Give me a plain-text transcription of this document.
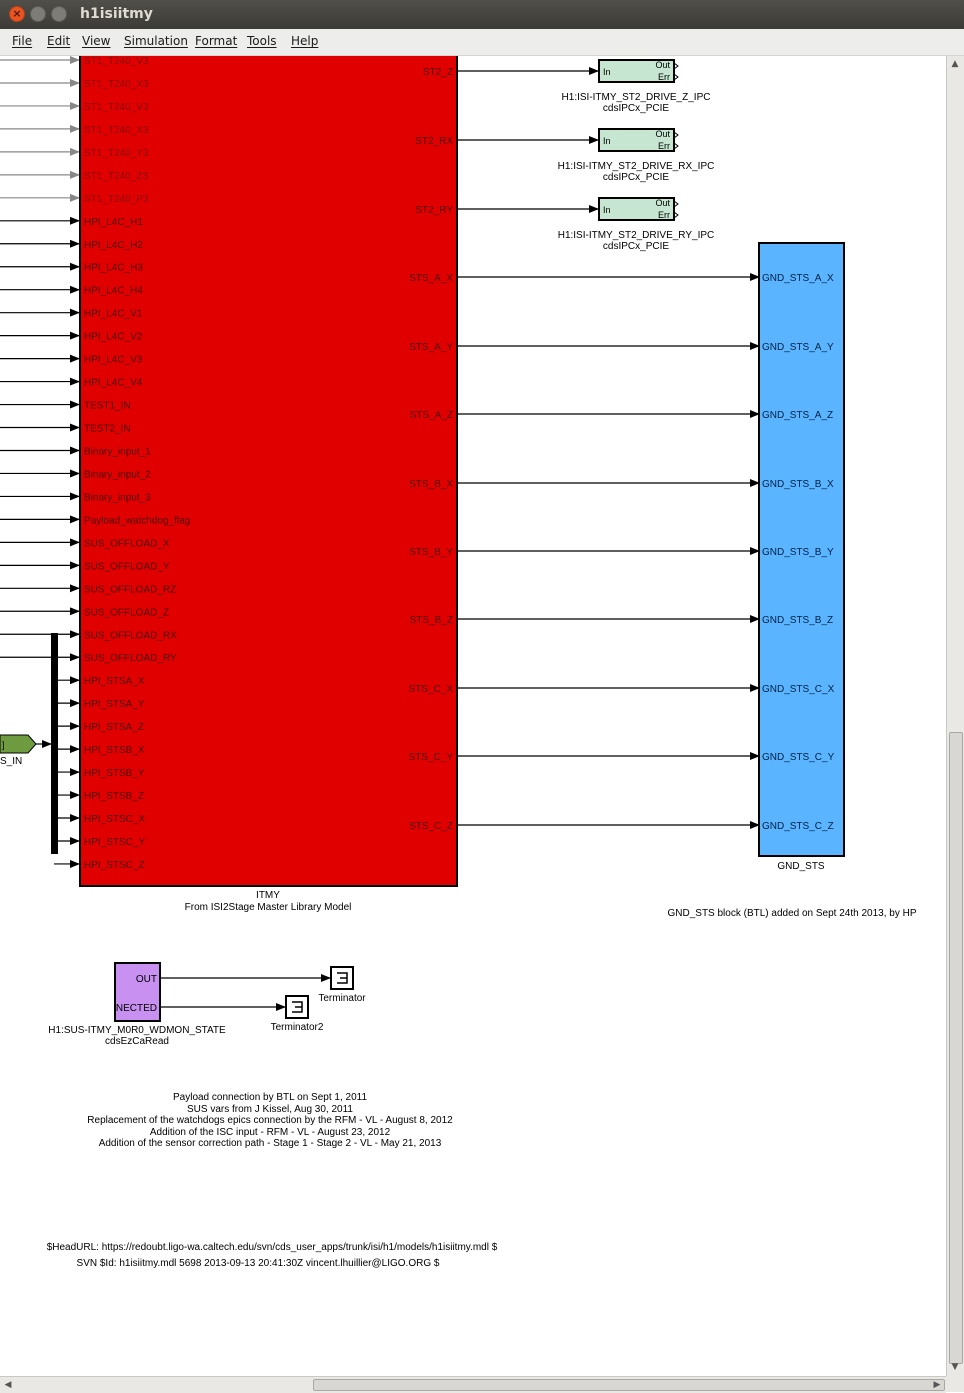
×	h1isiitmy
File Edit View Simulation Format Tools Help
ST1_T240_V3
ST1_T240_X3
ST1_T240_V3
ST1_T240_X3
ST1_T240_Y3
ST1_T240_Z3
ST1_T240_P3
HPI_L4C_H1
HPI_L4C_H2
HPI_L4C_H3
HPI_L4C_H4
HPI_L4C_V1
HPI_L4C_V2
HPI_L4C_V3
HPI_L4C_V4
TEST1_IN
TEST2_IN
Binary_input_1
Binary_input_2
Binary_input_3
Payload_watchdog_flag
SUS_OFFLOAD_X
SUS_OFFLOAD_Y
SUS_OFFLOAD_RZ
SUS_OFFLOAD_Z
SUS_OFFLOAD_RX
SUS_OFFLOAD_RY
HPI_STSA_X
HPI_STSA_Y
HPI_STSA_Z
HPI_STSB_X
HPI_STSB_Y
HPI_STSB_Z
HPI_STSC_X
HPI_STSC_Y
HPI_STSC_Z
]
S_IN
ST2_Z
ST2_RX
ST2_RY
STS_A_X
STS_A_Y
STS_A_Z
STS_B_X
STS_B_Y
STS_B_Z
STS_C_X
STS_C_Y
STS_C_Z
ITMY
From ISI2Stage Master Library Model
In
Out
Err
H1:ISI-ITMY_ST2_DRIVE_Z_IPC
cdsIPCx_PCIE
In
Out
Err
H1:ISI-ITMY_ST2_DRIVE_RX_IPC
cdsIPCx_PCIE
In
Out
Err
H1:ISI-ITMY_ST2_DRIVE_RY_IPC
cdsIPCx_PCIE
GND_STS_A_X
GND_STS_A_Y
GND_STS_A_Z
GND_STS_B_X
GND_STS_B_Y
GND_STS_B_Z
GND_STS_C_X
GND_STS_C_Y
GND_STS_C_Z
GND_STS
GND_STS block (BTL) added on Sept 24th 2013, by HP
OUT
NECTED
H1:SUS-ITMY_M0R0_WDMON_STATE
cdsEzCaRead
Terminator
Terminator2
Payload connection by BTL on Sept 1, 2011
SUS vars from J Kissel, Aug 30, 2011
Replacement of the watchdogs epics connection by the RFM - VL - August 8, 2012
Addition of the ISC input - RFM - VL - August 23, 2012
Addition of the sensor correction path - Stage 1 - Stage 2 - VL - May 21, 2013
$HeadURL: https://redoubt.ligo-wa.caltech.edu/svn/cds_user_apps/trunk/isi/h1/models/h1isiitmy.mdl $
SVN $Id: h1isiitmy.mdl 5698 2013-09-13 20:41:30Z vincent.lhuillier@LIGO.ORG $
▲
▼
◀	▶
